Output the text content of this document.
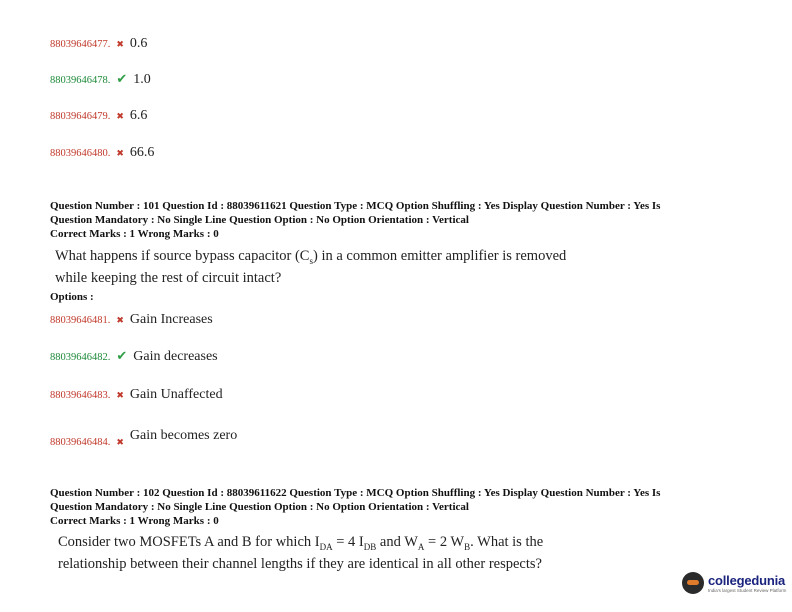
88039646477. ✖ 0.6
88039646478. ✔ 1.0
88039646479. ✖ 6.6
88039646480. ✖ 66.6
Question Number : 101 Question Id : 88039611621 Question Type : MCQ Option Shuffling : Yes Display Question Number : Yes Is
Question Mandatory : No Single Line Question Option : No Option Orientation : Vertical
Correct Marks : 1 Wrong Marks : 0
What happens if source bypass capacitor $(C_s)$ in a common emitter amplifier is removed
while keeping the rest of circuit intact?
Options :
88039646481. ✖ Gain Increases
88039646482. ✔ Gain decreases
88039646483. ✖ Gain Unaffected
88039646484. ✖ Gain becomes zero
Question Number : 102 Question Id : 88039611622 Question Type : MCQ Option Shuffling : Yes Display Question Number : Yes Is
Question Mandatory : No Single Line Question Option : No Option Orientation : Vertical
Correct Marks : 1 Wrong Marks : 0
Consider two MOSFETs A and B for which $I_{DA} = 4$ $I_{DB}$ and $W_A = 2$ $W_B$. What is the
relationship between their channel lengths if they are identical in all other respects?
collegedunia
India's largest Student Review Platform
